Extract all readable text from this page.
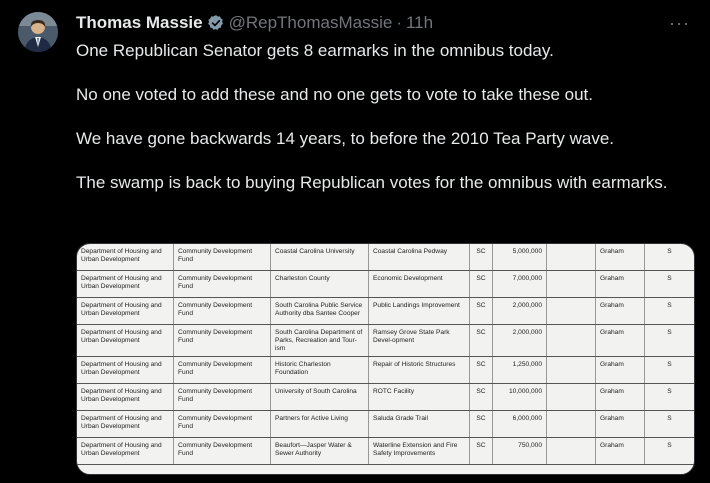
Thomas Massie @RepThomasMassie · 11h	···

One Republican Senator gets 8 earmarks in the omnibus today.

No one voted to add these and no one gets to vote to take these out.

We have gone backwards 14 years, to before the 2010 Tea Party wave.

The swamp is back to buying Republican votes for the omnibus with earmarks.

Department of Housing and Urban Development	Community Development Fund	Coastal Carolina University	Coastal Carolina Pedway	SC	5,000,000		Graham	S
Department of Housing and Urban Development	Community Development Fund	Charleston County	Economic Development	SC	7,000,000		Graham	S
Department of Housing and Urban Development	Community Development Fund	South Carolina Public Service Authority dba Santee Cooper	Public Landings Improvement	SC	2,000,000		Graham	S
Department of Housing and Urban Development	Community Development Fund	South Carolina Department of Parks, Recreation and Tour-ism	Ramsey Grove State Park Devel-opment	SC	2,000,000		Graham	S
Department of Housing and Urban Development	Community Development Fund	Historic Charleston Foundation	Repair of Historic Structures	SC	1,250,000		Graham	S
Department of Housing and Urban Development	Community Development Fund	University of South Carolina	ROTC Facility	SC	10,000,000		Graham	S
Department of Housing and Urban Development	Community Development Fund	Partners for Active Living	Saluda Grade Trail	SC	6,000,000		Graham	S
Department of Housing and Urban Development	Community Development Fund	Beaufort—Jasper Water & Sewer Authority	Waterline Extension and Fire Safety Improvements	SC	750,000		Graham	S
